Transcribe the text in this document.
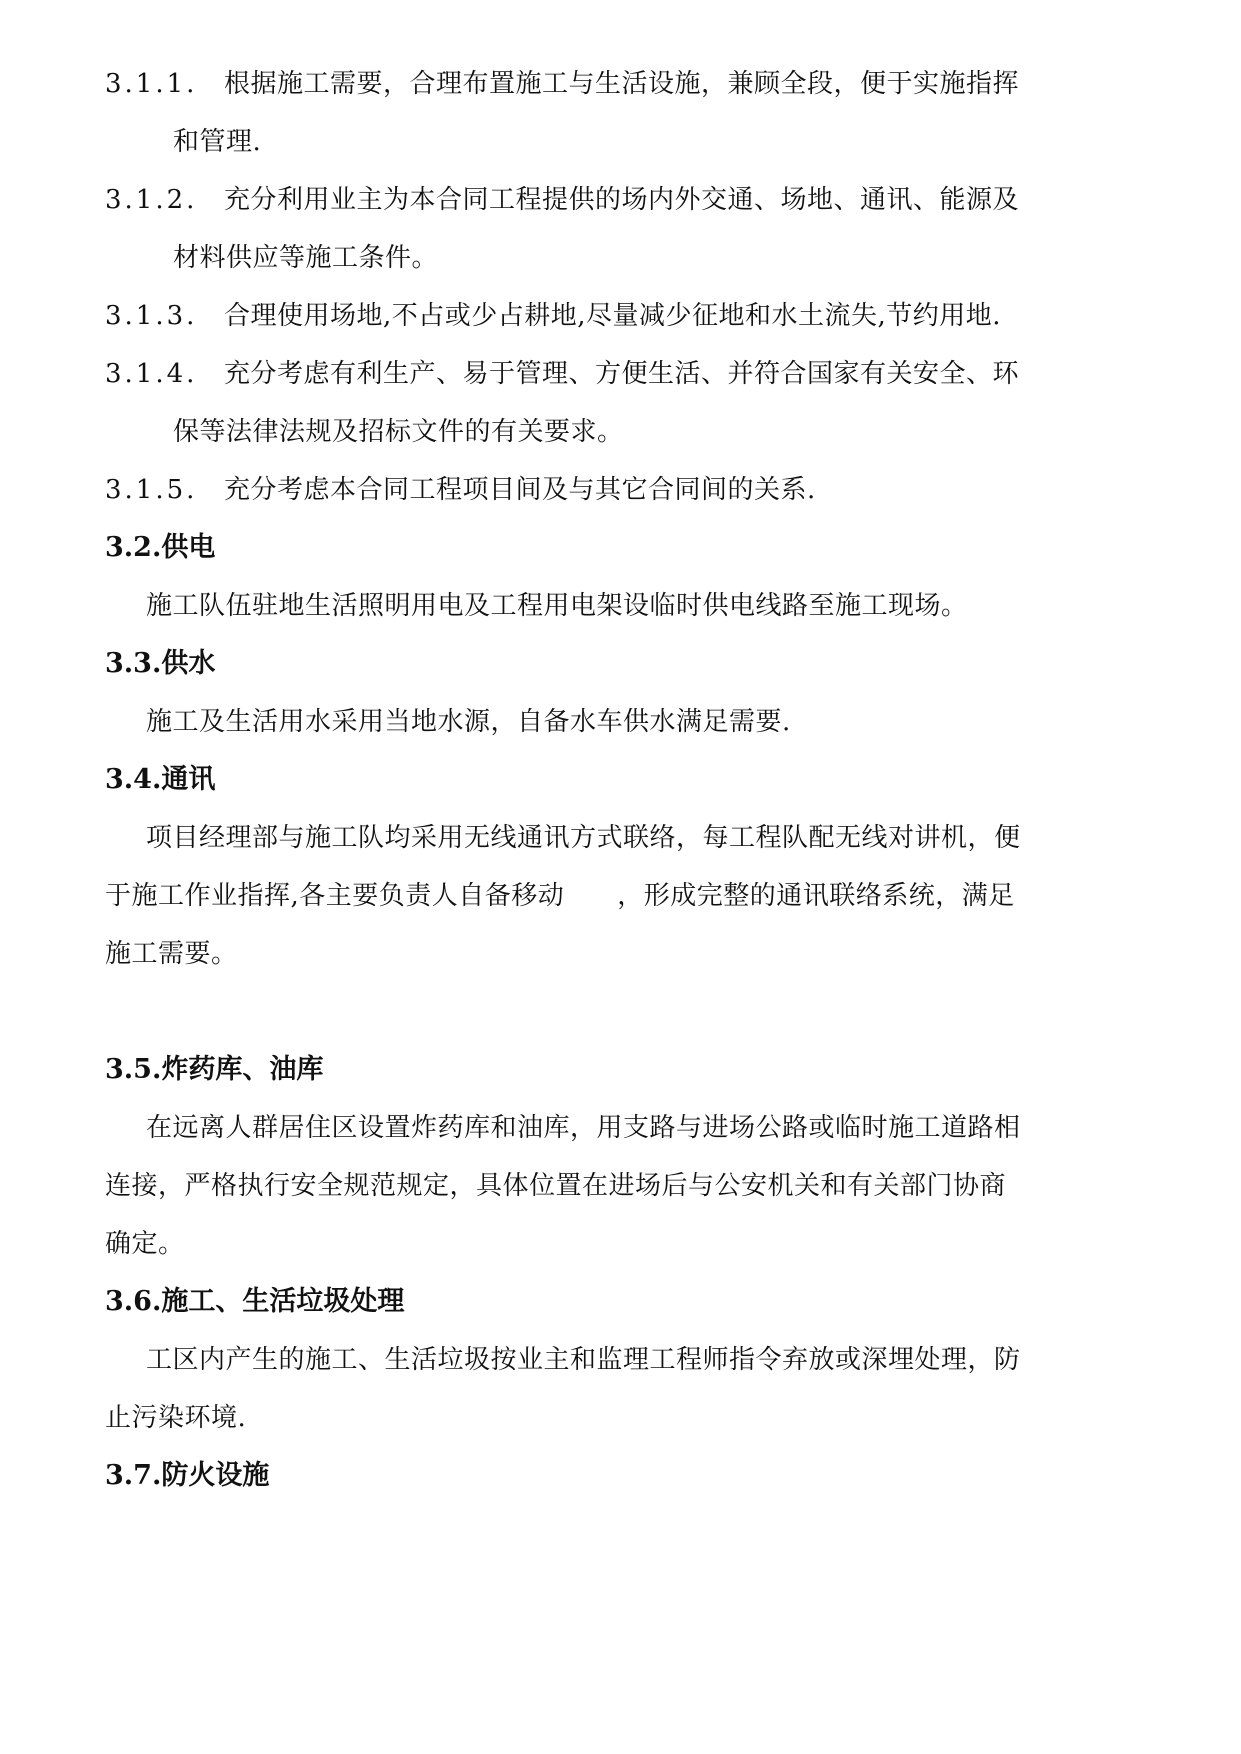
3.1.1. 根据施工需要，合理布置施工与生活设施，兼顾全段，便于实施指挥
和管理.
3.1.2. 充分利用业主为本合同工程提供的场内外交通、场地、通讯、能源及
材料供应等施工条件。
3.1.3. 合理使用场地,不占或少占耕地,尽量减少征地和水土流失,节约用地.
3.1.4. 充分考虑有利生产、易于管理、方便生活、并符合国家有关安全、环
保等法律法规及招标文件的有关要求。
3.1.5. 充分考虑本合同工程项目间及与其它合同间的关系.
3.2.供电
施工队伍驻地生活照明用电及工程用电架设临时供电线路至施工现场。
3.3.供水
施工及生活用水采用当地水源，自备水车供水满足需要.
3.4.通讯
项目经理部与施工队均采用无线通讯方式联络，每工程队配无线对讲机，便
于施工作业指挥,各主要负责人自备移动　　，形成完整的通讯联络系统，满足
施工需要。
3.5.炸药库、油库
在远离人群居住区设置炸药库和油库，用支路与进场公路或临时施工道路相
连接，严格执行安全规范规定，具体位置在进场后与公安机关和有关部门协商
确定。
3.6.施工、生活垃圾处理
工区内产生的施工、生活垃圾按业主和监理工程师指令弃放或深埋处理，防
止污染环境.
3.7.防火设施
